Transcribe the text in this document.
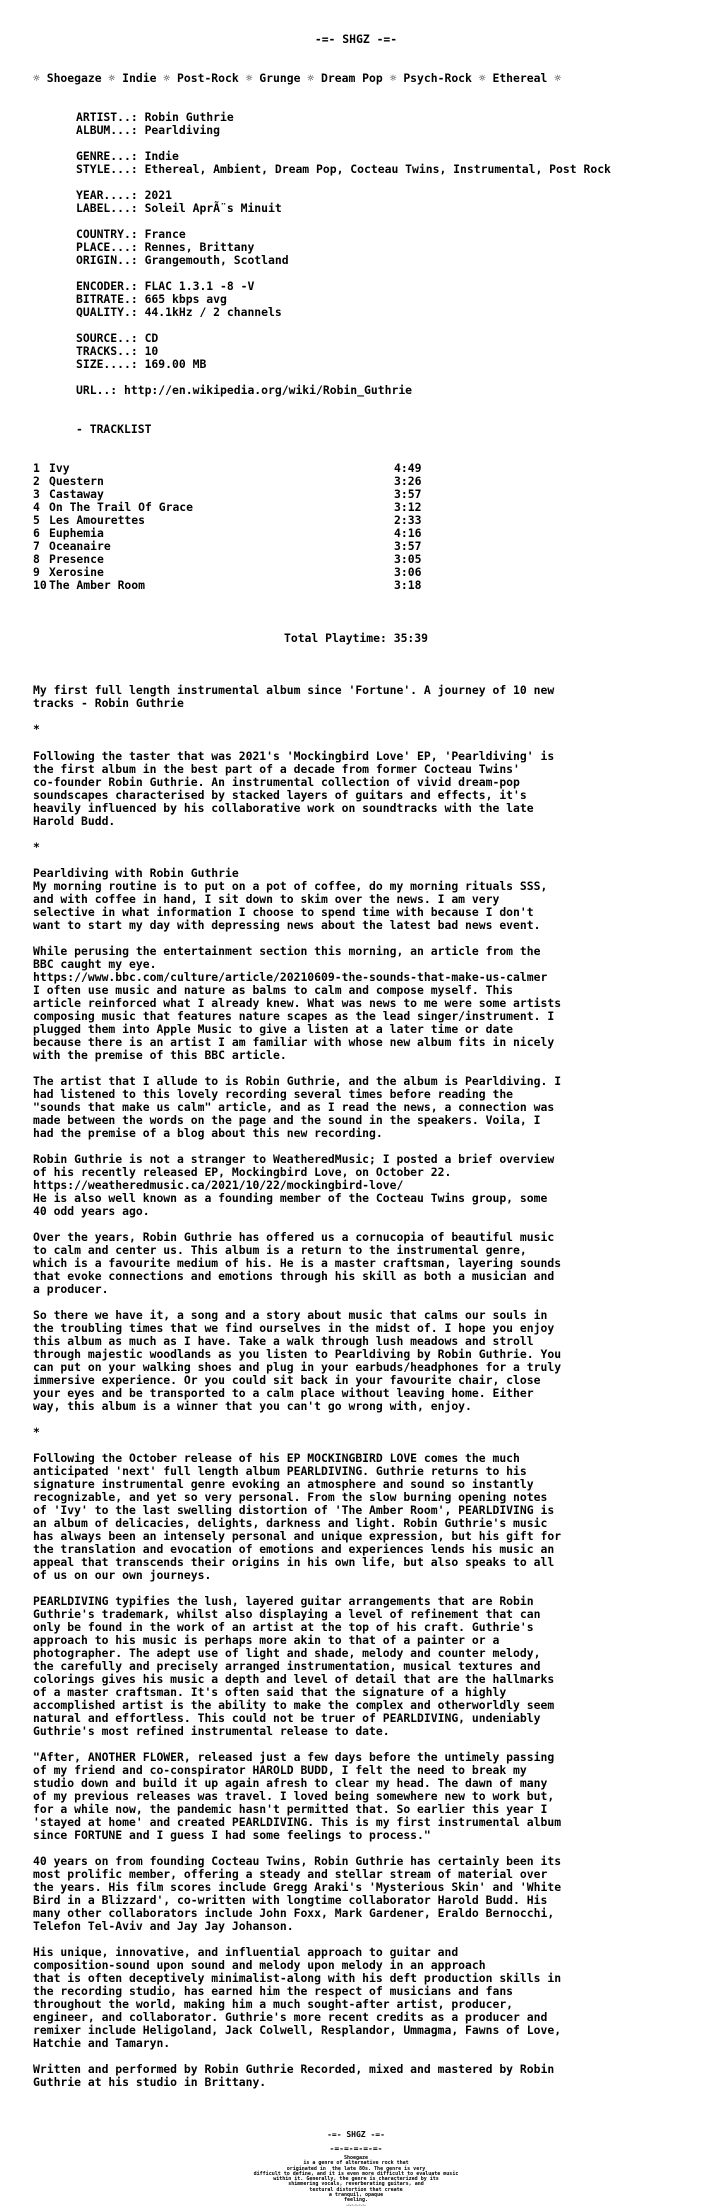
-=- SHGZ -=-
☼ Shoegaze ☼ Indie ☼ Post-Rock ☼ Grunge ☼ Dream Pop ☼ Psych-Rock ☼ Ethereal ☼
ARTIST..: Robin Guthrie
ALBUM...: Pearldiving
GENRE...: Indie
STYLE...: Ethereal, Ambient, Dream Pop, Cocteau Twins, Instrumental, Post Rock
YEAR....: 2021
LABEL...: Soleil AprÃ¨s Minuit
COUNTRY.: France
PLACE...: Rennes, Brittany
ORIGIN..: Grangemouth, Scotland
ENCODER.: FLAC 1.3.1 -8 -V
BITRATE.: 665 kbps avg
QUALITY.: 44.1kHz / 2 channels
SOURCE..: CD
TRACKS..: 10
SIZE....: 169.00 MB
URL..: http://en.wikipedia.org/wiki/Robin_Guthrie
- TRACKLIST
1 Ivy	4:49
2 Questern	3:26
3 Castaway	3:57
4 On The Trail Of Grace	3:12
5 Les Amourettes	2:33
6 Euphemia	4:16
7 Oceanaire	3:57
8 Presence	3:05
9 Xerosine	3:06
10 The Amber Room	3:18
Total Playtime: 35:39

My first full length instrumental album since 'Fortune'. A journey of 10 new
tracks - Robin Guthrie

*

Following the taster that was 2021's 'Mockingbird Love' EP, 'Pearldiving' is
the first album in the best part of a decade from former Cocteau Twins'
co-founder Robin Guthrie. An instrumental collection of vivid dream-pop
soundscapes characterised by stacked layers of guitars and effects, it's
heavily influenced by his collaborative work on soundtracks with the late
Harold Budd.

*

Pearldiving with Robin Guthrie
My morning routine is to put on a pot of coffee, do my morning rituals SSS,
and with coffee in hand, I sit down to skim over the news. I am very
selective in what information I choose to spend time with because I don't
want to start my day with depressing news about the latest bad news event.

While perusing the entertainment section this morning, an article from the
BBC caught my eye.
https://www.bbc.com/culture/article/20210609-the-sounds-that-make-us-calmer
I often use music and nature as balms to calm and compose myself. This
article reinforced what I already knew. What was news to me were some artists
composing music that features nature scapes as the lead singer/instrument. I
plugged them into Apple Music to give a listen at a later time or date
because there is an artist I am familiar with whose new album fits in nicely
with the premise of this BBC article.

The artist that I allude to is Robin Guthrie, and the album is Pearldiving. I
had listened to this lovely recording several times before reading the
"sounds that make us calm" article, and as I read the news, a connection was
made between the words on the page and the sound in the speakers. Voila, I
had the premise of a blog about this new recording.

Robin Guthrie is not a stranger to WeatheredMusic; I posted a brief overview
of his recently released EP, Mockingbird Love, on October 22.
https://weatheredmusic.ca/2021/10/22/mockingbird-love/
He is also well known as a founding member of the Cocteau Twins group, some
40 odd years ago.

Over the years, Robin Guthrie has offered us a cornucopia of beautiful music
to calm and center us. This album is a return to the instrumental genre,
which is a favourite medium of his. He is a master craftsman, layering sounds
that evoke connections and emotions through his skill as both a musician and
a producer.

So there we have it, a song and a story about music that calms our souls in
the troubling times that we find ourselves in the midst of. I hope you enjoy
this album as much as I have. Take a walk through lush meadows and stroll
through majestic woodlands as you listen to Pearldiving by Robin Guthrie. You
can put on your walking shoes and plug in your earbuds/headphones for a truly
immersive experience. Or you could sit back in your favourite chair, close
your eyes and be transported to a calm place without leaving home. Either
way, this album is a winner that you can't go wrong with, enjoy.

*

Following the October release of his EP MOCKINGBIRD LOVE comes the much
anticipated 'next' full length album PEARLDIVING. Guthrie returns to his
signature instrumental genre evoking an atmosphere and sound so instantly
recognizable, and yet so very personal. From the slow burning opening notes
of 'Ivy' to the last swelling distortion of 'The Amber Room', PEARLDIVING is
an album of delicacies, delights, darkness and light. Robin Guthrie's music
has always been an intensely personal and unique expression, but his gift for
the translation and evocation of emotions and experiences lends his music an
appeal that transcends their origins in his own life, but also speaks to all
of us on our own journeys.

PEARLDIVING typifies the lush, layered guitar arrangements that are Robin
Guthrie's trademark, whilst also displaying a level of refinement that can
only be found in the work of an artist at the top of his craft. Guthrie's
approach to his music is perhaps more akin to that of a painter or a
photographer. The adept use of light and shade, melody and counter melody,
the carefully and precisely arranged instrumentation, musical textures and
colorings gives his music a depth and level of detail that are the hallmarks
of a master craftsman. It's often said that the signature of a highly
accomplished artist is the ability to make the complex and otherworldly seem
natural and effortless. This could not be truer of PEARLDIVING, undeniably
Guthrie's most refined instrumental release to date.

"After, ANOTHER FLOWER, released just a few days before the untimely passing
of my friend and co-conspirator HAROLD BUDD, I felt the need to break my
studio down and build it up again afresh to clear my head. The dawn of many
of my previous releases was travel. I loved being somewhere new to work but,
for a while now, the pandemic hasn't permitted that. So earlier this year I
'stayed at home' and created PEARLDIVING. This is my first instrumental album
since FORTUNE and I guess I had some feelings to process."

40 years on from founding Cocteau Twins, Robin Guthrie has certainly been its
most prolific member, offering a steady and stellar stream of material over
the years. His film scores include Gregg Araki's 'Mysterious Skin' and 'White
Bird in a Blizzard', co-written with longtime collaborator Harold Budd. His
many other collaborators include John Foxx, Mark Gardener, Eraldo Bernocchi,
Telefon Tel-Aviv and Jay Jay Johanson.

His unique, innovative, and influential approach to guitar and
composition-sound upon sound and melody upon melody in an approach
that is often deceptively minimalist-along with his deft production skills in
the recording studio, has earned him the respect of musicians and fans
throughout the world, making him a much sought-after artist, producer,
engineer, and collaborator. Guthrie's more recent credits as a producer and
remixer include Heligoland, Jack Colwell, Resplandor, Ummagma, Fawns of Love,
Hatchie and Tamaryn.

Written and performed by Robin Guthrie Recorded, mixed and mastered by Robin
Guthrie at his studio in Brittany.

-=- SHGZ -=-
-=-=-=-=-=-
Shoegaze
is a genre of alternative rock that
originated in  the late 80s. The genre is very
difficult to define, and it is even more difficult to evaluate music
within it. Generally, the genre is characterized by its
shimmering vocals, reverberating guitars, and
textural distortion that create
a tranquil, opaque
feeling.
-=-=-=-=-=-
